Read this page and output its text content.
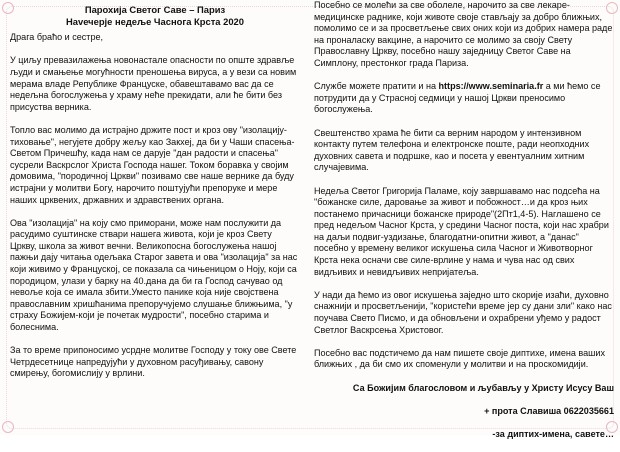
Парохија Светог Саве – Париз
Наvечерје недеље Часнога Крста 2020

Драга браћо и сестре,

У циљу превазилажења новонастале опасности по опште здравље људи и смањење могућности преношења вируса, а у вези са новим мерама владе Републике Француске, обавештавамо вас да се недељна богослужења у храму неће прекидати, али ће бити без присуства верника.

Топло вас молимо да истрајно држите пост и кроз ову "изолацију-тиховање", негујете добру жељу као Закхеј, да би у Чаши спасења-Светом Причешћу, када нам се дарује "дан радости и спасења" сусрели Васкрслог Христа Господа нашег. Током боравка у својим домовима, "породичној Цркви" позивамо све наше вернике да буду истрајни у молитви Богу, нарочито поштујући препоруке и мере наших црквених, државних и здравствених органа.

Ова "изолација" на коју смо приморани, може нам послужити да расудимо суштинске ствари нашега живота, који је кроз Свету Цркву, школа за живот вечни. Великопосна богослужења нашој пажњи дају читања одељака Старог завета и ова "изолација" за нас који живимо у Француској, се показала са чињеницом о Ноју, који са породицом, улази у барку на 40.дана да би га Господ сачувао од невоље која се имала збити.Уместо панике која није својствена православним хришћанима препоручујемо слушање ближњима, "у страху Божијем-који је почетак мудрости", посебно старима и болеснима.

За то време припоносимо усрдне молитве Господу у току ове Свете Четрдесетнице напредујући у духовном расуђивању, савону смирењу, богомислију у врлини.

Посебно се молећи за све оболеле, нарочито за све лекаре-медицинске раднике, који животе своје стављају за добро ближњих, помолимо се и за просветљење свих оних који из добрих намера раде на проналаску вакцине, а нарочито се молимо за своју Свету Православну Цркву, посебно нашу заједницу Светог Саве на Симплону, престонког града Париза.

Службе можете пратити и на https://www.seminaria.fr а ми ћемо се потрудити да у Страсној седмици у нашој Цркви преносимо богослужења.

Свештенство храма ће бити са верним народом у интензивном контакту путем телефона и електронске поште, ради неопходних духовних савета и подршке, као и посета у евентуалним хитним случајевима.

Недеља Светог Григорија Паламе, коју завршавамо нас подсећа на "божанске силе, даровање за живот и побожност…и да кроз њих постанемо причасници божанске природе"(2Пт1,4-5). Наглашено се пред недељом Часног Крста, у средини Часног поста, који нас храбри на даљи подвиг-уздизање, благодатни-опитни живот, а "данас" посебно у времену великог искушења сила Часног и Животворног Крста нека осначи све силе-врлине у нама и чува нас од свих видљивих и невидљивих непријатеља.

У нади да ћемо из овог искушења заједно што скорије изаћи, духовно снажнији и просветљенији, "користећи време јер су дани зли" како нас поучава Свето Писмо, и да обновљени и охрабрени уђемо у радост Светлог Васкрсења Христовог.

Посебно вас подстичемо да нам пишете своје диптихе, имена ваших ближњих , да би смо их споменули у молитви и на проскомидији.

Са Божијим благословом и љубављу у Христу Исусу Ваш

+ прота Славиша 0622035661

-за диптих-имена, савете…
